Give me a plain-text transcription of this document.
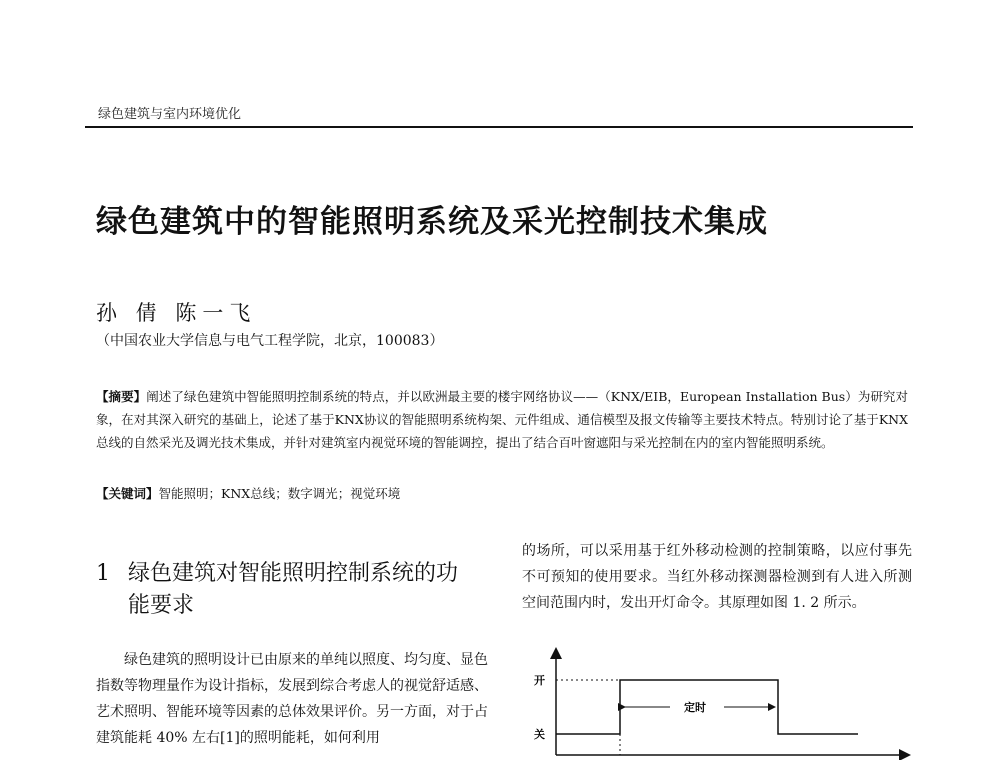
绿色建筑与室内环境优化
绿色建筑中的智能照明系统及采光控制技术集成
孙 倩 陈一飞
（中国农业大学信息与电气工程学院，北京，100083）
【摘要】阐述了绿色建筑中智能照明控制系统的特点，并以欧洲最主要的楼宇网络协议——（KNX/EIB，European Installation Bus）为研究对象，在对其深入研究的基础上，论述了基于KNX协议的智能照明系统构架、元件组成、通信模型及报文传输等主要技术特点。特别讨论了基于KNX总线的自然采光及调光技术集成，并针对建筑室内视觉环境的智能调控，提出了结合百叶窗遮阳与采光控制在内的室内智能照明系统。
【关键词】智能照明；KNX总线；数字调光；视觉环境
1 绿色建筑对智能照明控制系统的功
能要求
绿色建筑的照明设计已由原来的单纯以照度、均匀度、显色指数等物理量作为设计指标，发展到综合考虑人的视觉舒适感、艺术照明、智能环境等因素的总体效果评价。另一方面，对于占建筑能耗 40% 左右[1]的照明能耗，如何利用
的场所，可以采用基于红外移动检测的控制策略，以应付事先不可预知的使用要求。当红外移动探测器检测到有人进入所测空间范围内时，发出开灯命令。其原理如图 1. 2 所示。
开
关
定时
